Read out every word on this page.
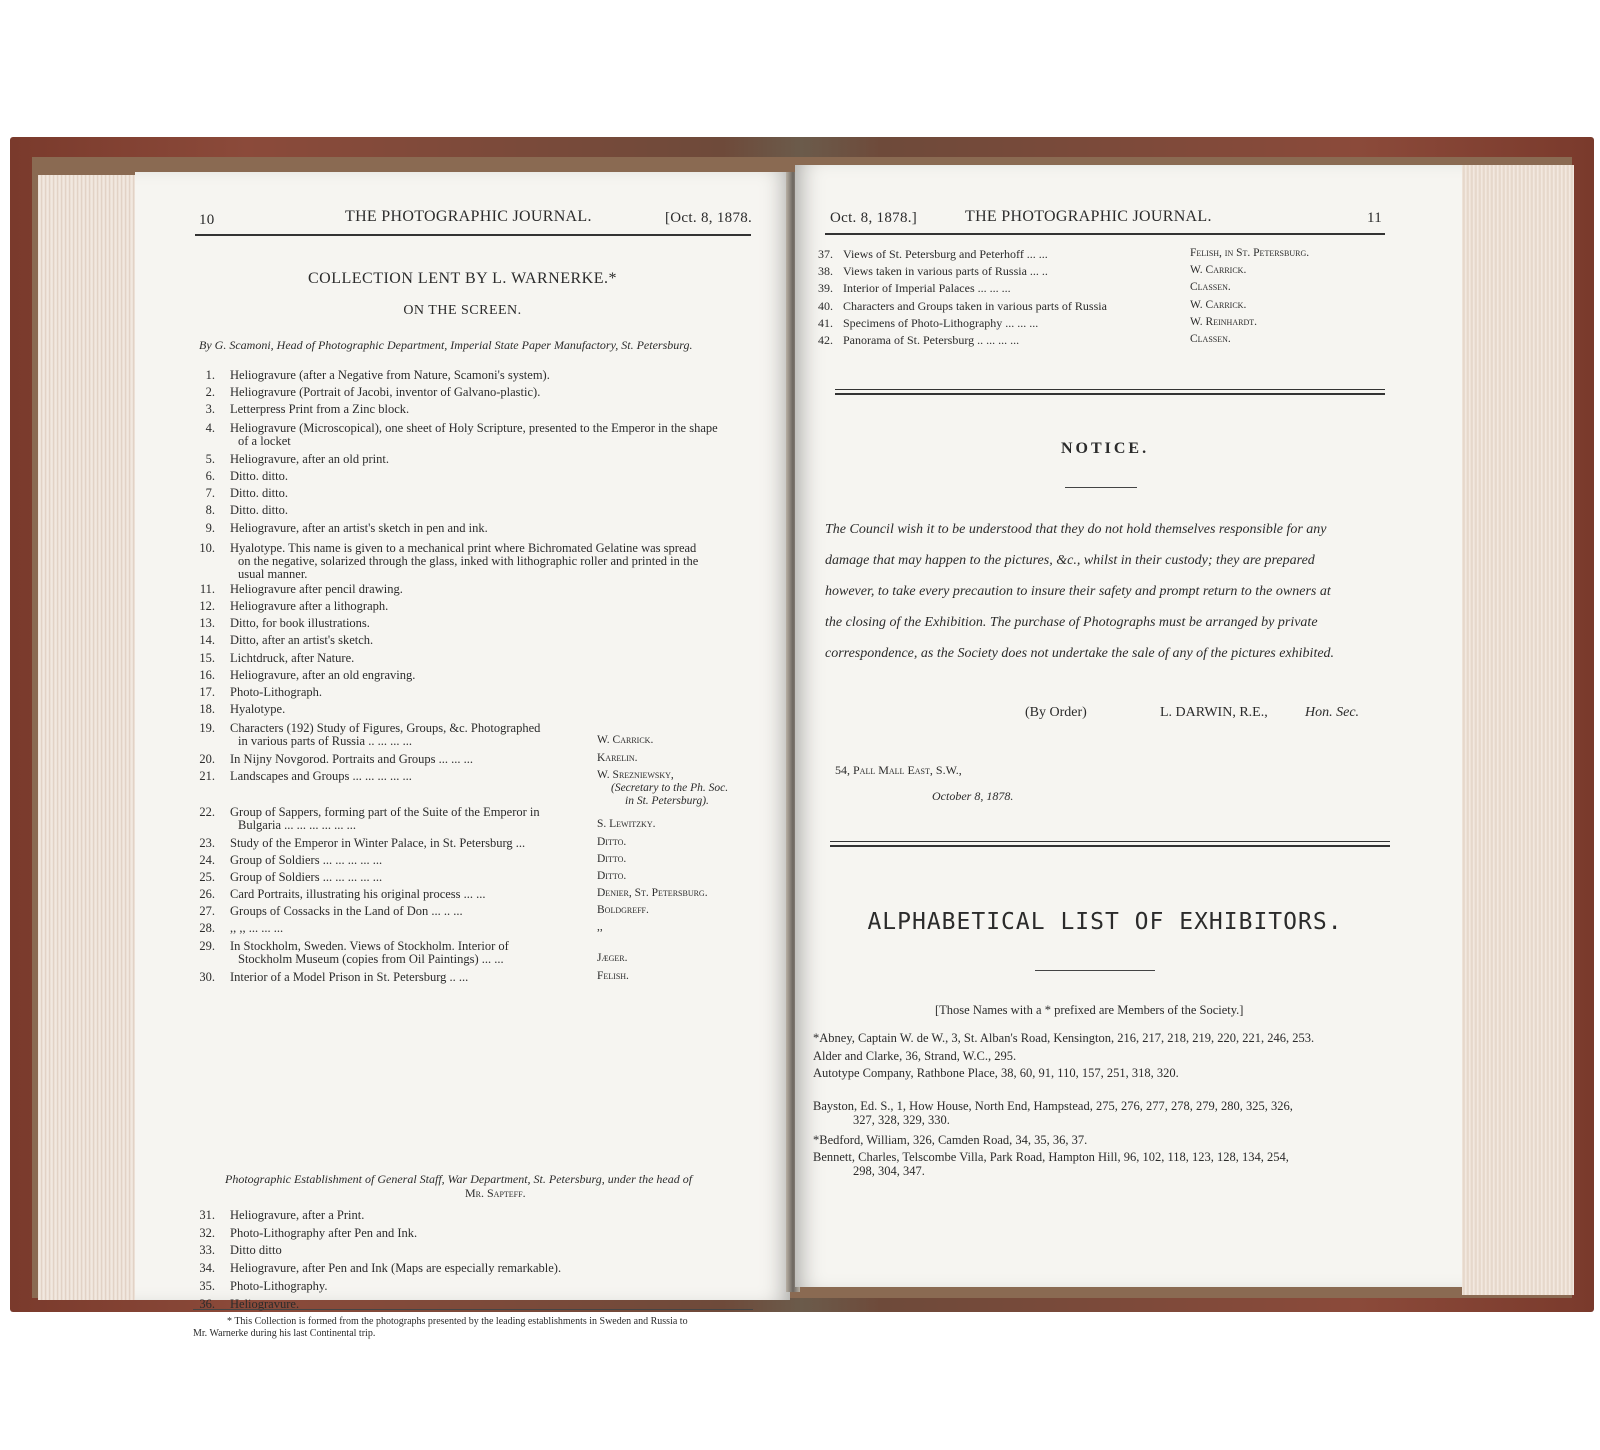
10	THE PHOTOGRAPHIC JOURNAL.	[Oct. 8, 1878.
COLLECTION LENT BY L. WARNERKE.*
ON THE SCREEN.
By G. Scamoni, Head of Photographic Department, Imperial State Paper Manufactory, St. Petersburg.
1. Heliogravure (after a Negative from Nature, Scamoni's system).
2. Heliogravure (Portrait of Jacobi, inventor of Galvano-plastic).
3. Letterpress Print from a Zinc block.
4. Heliogravure (Microscopical), one sheet of Holy Scripture, presented to the Emperor in the shape
of a locket
5. Heliogravure, after an old print.
6. Ditto. ditto.
7. Ditto. ditto.
8. Ditto. ditto.
9. Heliogravure, after an artist's sketch in pen and ink.
10. Hyalotype. This name is given to a mechanical print where Bichromated Gelatine was spread
on the negative, solarized through the glass, inked with lithographic roller and printed in the
usual manner.
11. Heliogravure after pencil drawing.
12. Heliogravure after a lithograph.
13. Ditto, for book illustrations.
14. Ditto, after an artist's sketch.
15. Lichtdruck, after Nature.
16. Heliogravure, after an old engraving.
17. Photo-Lithograph.
18. Hyalotype.
19. Characters (192) Study of Figures, Groups, &c. Photographed
in various parts of Russia .. ... ... ...	W. Carrick.
20. In Nijny Novgorod. Portraits and Groups ... ... ...	Karelin.
21. Landscapes and Groups ... ... ... ... ...	W. Srezniewsky,
(Secretary to the Ph. Soc.
in St. Petersburg).
22. Group of Sappers, forming part of the Suite of the Emperor in
Bulgaria ... ... ... ... ... ...	S. Lewitzky.
23. Study of the Emperor in Winter Palace, in St. Petersburg ...	Ditto.
24. Group of Soldiers ... ... ... ... ...	Ditto.
25. Group of Soldiers ... ... ... ... ...	Ditto.
26. Card Portraits, illustrating his original process ... ...	Denier, St. Petersburg.
27. Groups of Cossacks in the Land of Don ... .. ...	Boldgreff.
28. ,, ,, ... ... ...	,,
29. In Stockholm, Sweden. Views of Stockholm. Interior of
Stockholm Museum (copies from Oil Paintings) ... ...	Jæger.
30. Interior of a Model Prison in St. Petersburg .. ...	Felish.
Photographic Establishment of General Staff, War Department, St. Petersburg, under the head of
Mr. Sapteff.
31. Heliogravure, after a Print.
32. Photo-Lithography after Pen and Ink.
33. Ditto ditto
34. Heliogravure, after Pen and Ink (Maps are especially remarkable).
35. Photo-Lithography.
36. Heliogravure.
* This Collection is formed from the photographs presented by the leading establishments in Sweden and Russia to
Mr. Warnerke during his last Continental trip.
Oct. 8, 1878.]	THE PHOTOGRAPHIC JOURNAL.	11
37. Views of St. Petersburg and Peterhoff ... ...	Felish, in St. Petersburg.
38. Views taken in various parts of Russia ... ..	W. Carrick.
39. Interior of Imperial Palaces ... ... ...	Classen.
40. Characters and Groups taken in various parts of Russia	W. Carrick.
41. Specimens of Photo-Lithography ... ... ...	W. Reinhardt.
42. Panorama of St. Petersburg .. ... ... ...	Classen.
NOTICE.
The Council wish it to be understood that they do not hold themselves responsible for any
damage that may happen to the pictures, &c., whilst in their custody; they are prepared
however, to take every precaution to insure their safety and prompt return to the owners at
the closing of the Exhibition. The purchase of Photographs must be arranged by private
correspondence, as the Society does not undertake the sale of any of the pictures exhibited.
(By Order)	L. DARWIN, R.E.,	Hon. Sec.
54, Pall Mall East, S.W.,
October 8, 1878.
ALPHABETICAL LIST OF EXHIBITORS.
[Those Names with a * prefixed are Members of the Society.]
*Abney, Captain W. de W., 3, St. Alban's Road, Kensington, 216, 217, 218, 219, 220, 221, 246, 253.
Alder and Clarke, 36, Strand, W.C., 295.
Autotype Company, Rathbone Place, 38, 60, 91, 110, 157, 251, 318, 320.
Bayston, Ed. S., 1, How House, North End, Hampstead, 275, 276, 277, 278, 279, 280, 325, 326,
327, 328, 329, 330.
*Bedford, William, 326, Camden Road, 34, 35, 36, 37.
Bennett, Charles, Telscombe Villa, Park Road, Hampton Hill, 96, 102, 118, 123, 128, 134, 254,
298, 304, 347.
